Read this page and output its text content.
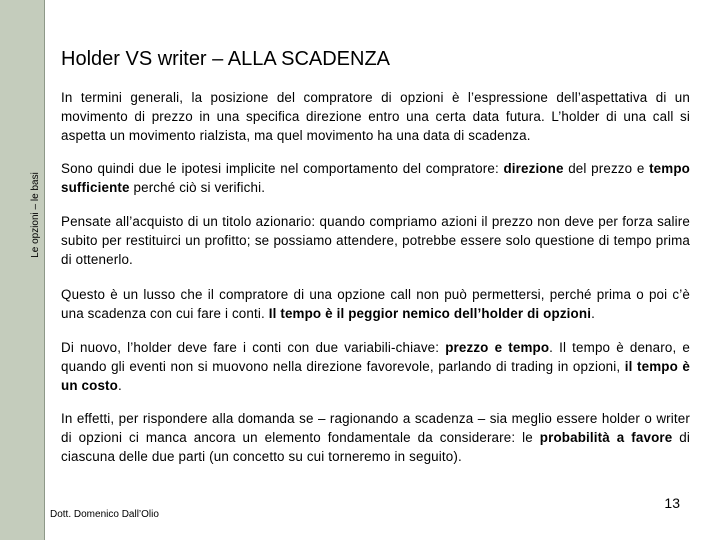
Le opzioni – le basi
Holder VS writer – ALLA SCADENZA
In termini generali, la posizione del compratore di opzioni è l’espressione dell’aspettativa di un movimento di prezzo in una specifica direzione entro una certa data futura. L’holder di una call si aspetta un movimento rialzista, ma quel movimento ha una data di scadenza.
Sono quindi due le ipotesi implicite nel comportamento del compratore: direzione del prezzo e tempo sufficiente perché ciò si verifichi.
Pensate all’acquisto di un titolo azionario: quando compriamo azioni il prezzo non deve per forza salire subito per restituirci un profitto; se possiamo attendere, potrebbe essere solo questione di tempo prima di ottenerlo.
Questo è un lusso che il compratore di una opzione call non può permettersi, perché prima o poi c’è una scadenza con cui fare i conti. Il tempo è il peggior nemico dell’holder di opzioni.
Di nuovo, l’holder deve fare i conti con due variabili-chiave: prezzo e tempo. Il tempo è denaro, e quando gli eventi non si muovono nella direzione favorevole, parlando di trading in opzioni, il tempo è un costo.
In effetti, per rispondere alla domanda se – ragionando a scadenza – sia meglio essere holder o writer di opzioni ci manca ancora un elemento fondamentale da considerare: le probabilità a favore di ciascuna delle due parti (un concetto su cui torneremo in seguito).
Dott. Domenico Dall’Olio
13
